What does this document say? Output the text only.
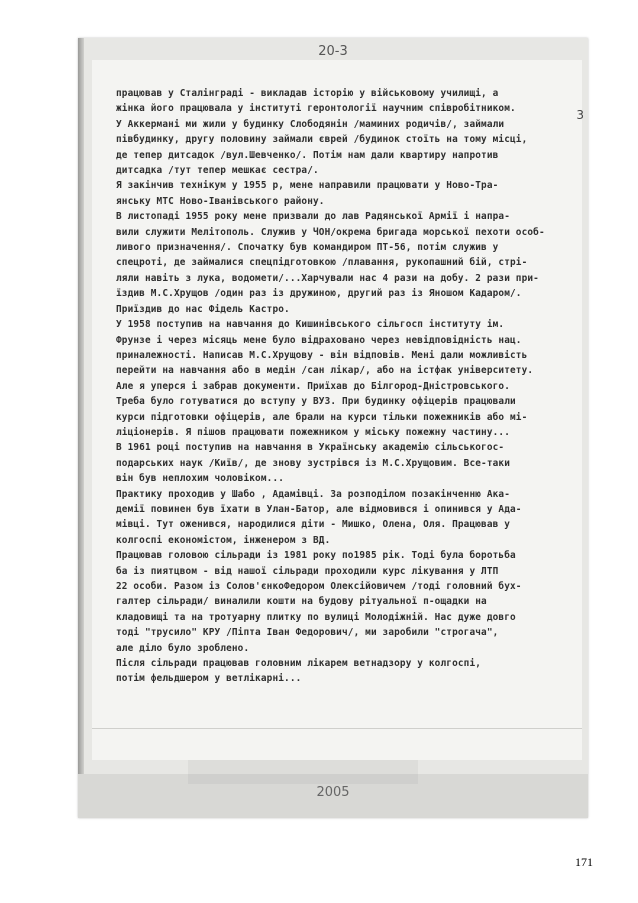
20-3
3
працював у Сталінграді - викладав історію у військовому училищі, а
жінка його працювала у інституті геронтології научним співробітником.
У Аккермані ми жили у будинку Слободянін /маминих родичів/, займали
півбудинку, другу половину займали єврей /будинок стоїть на тому місці,
де тепер дитсадок /вул.Шевченко/. Потім нам дали квартиру напротив
дитсадка /тут тепер мешкає сестра/.
Я закінчив технікум у 1955 р, мене направили працювати у Ново-Тра-
янську МТС Ново-Іванівського району.
В листопаді 1955 року мене призвали до лав Радянської Армії і напра-
вили служити Мелітополь. Служив у ЧОН/окрема бригада морської пехоти особ-
ливого призначення/. Спочатку був командиром ПТ-56, потім служив у
спецроті, де займалися спецпідготовкою /плавання, рукопашний бій, стрі-
ляли навіть з лука, водомети/...Харчували нас 4 рази на добу. 2 рази при-
їздив М.С.Хрущов /один раз із дружиною, другий раз із Яношом Кадаром/.
Приїздив до нас Фідель Кастро.
У 1958 поступив на навчання до Кишинівського сільгосп інституту ім.
Фрунзе і через місяць мене було відраховано через невідповідність нац.
приналежності. Написав М.С.Хрущову - він відповів. Мені дали можливість
перейти на навчання або в медін /сан лікар/, або на істфак університету.
Але я уперся і забрав документи. Приїхав до Білгород-Дністровського.
Треба було готуватися до вступу у ВУЗ. При будинку офіцерів працювали
курси підготовки офіцерів, але брали на курси тільки пожежників або мі-
ліціонерів. Я пішов працювати пожежником у міську пожежну частину...
В 1961 році поступив на навчання в Українську академію сільськогос-
подарських наук /Київ/, де знову зустрівся із М.С.Хрущовим. Все-таки
він був неплохим чоловіком...
Практику проходив у Шабо , Адамівці. За розподілом позакінченню Ака-
демії повинен був їхати в Улан-Батор, але відмовився і опинився у Ада-
мівці. Тут оженився, народилися діти - Мишко, Олена, Оля. Працював у
колгоспі економістом, інженером з ВД.
Працював головою сільради із 1981 року по1985 рік. Тоді була боротьба
ба із пиятцвом - від нашої сільради проходили курс лікування у ЛТП
22 особи. Разом із Солов'єнкоФедором Олексійовичем /тоді головний бух-
галтер сільради/ виналили кошти на будову рітуальної п-ощадки на
кладовищі та на тротуарну плитку по вулиці Молодіжній. Нас дуже довго
тоді "трусило" КРУ /Піпта Іван Федорович/, ми заробили "строгача",
але діло було зроблено.
Після сільради працював головним лікарем ветнадзору у колгоспі,
потім фельдшером у ветлікарні...
2005
171
